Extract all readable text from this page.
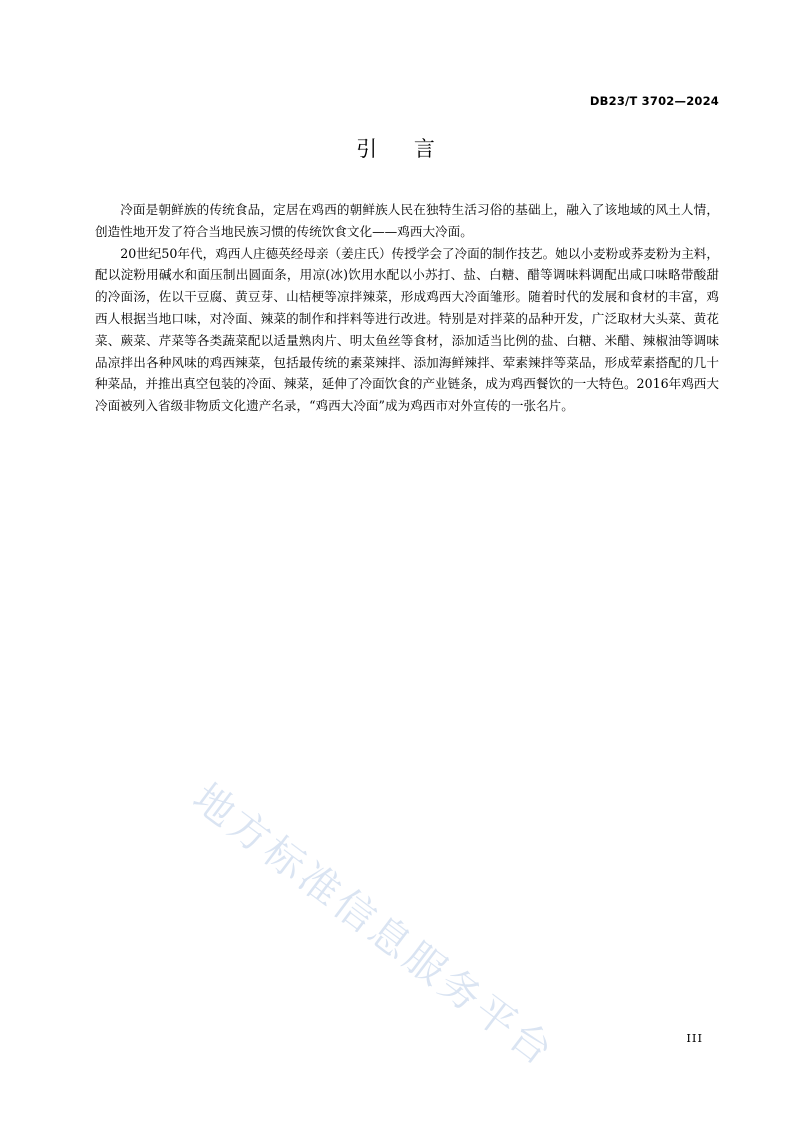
DB23/T 3702—2024
引    言

冷面是朝鲜族的传统食品，定居在鸡西的朝鲜族人民在独特生活习俗的基础上，融入了该地域的风土人情，创造性地开发了符合当地民族习惯的传统饮食文化——鸡西大冷面。

20世纪50年代，鸡西人庄德英经母亲（姜庄氏）传授学会了冷面的制作技艺。她以小麦粉或荞麦粉为主料，配以淀粉用碱水和面压制出圆面条，用凉(冰)饮用水配以小苏打、盐、白糖、醋等调味料调配出咸口味略带酸甜的冷面汤，佐以干豆腐、黄豆芽、山桔梗等凉拌辣菜，形成鸡西大冷面雏形。随着时代的发展和食材的丰富，鸡西人根据当地口味，对冷面、辣菜的制作和拌料等进行改进。特别是对拌菜的品种开发，广泛取材大头菜、黄花菜、蕨菜、芹菜等各类蔬菜配以适量熟肉片、明太鱼丝等食材，添加适当比例的盐、白糖、米醋、辣椒油等调味品凉拌出各种风味的鸡西辣菜，包括最传统的素菜辣拌、添加海鲜辣拌、荤素辣拌等菜品，形成荤素搭配的几十种菜品，并推出真空包装的冷面、辣菜，延伸了冷面饮食的产业链条，成为鸡西餐饮的一大特色。2016年鸡西大冷面被列入省级非物质文化遗产名录，“鸡西大冷面”成为鸡西市对外宣传的一张名片。

地方标准信息服务平台	III
